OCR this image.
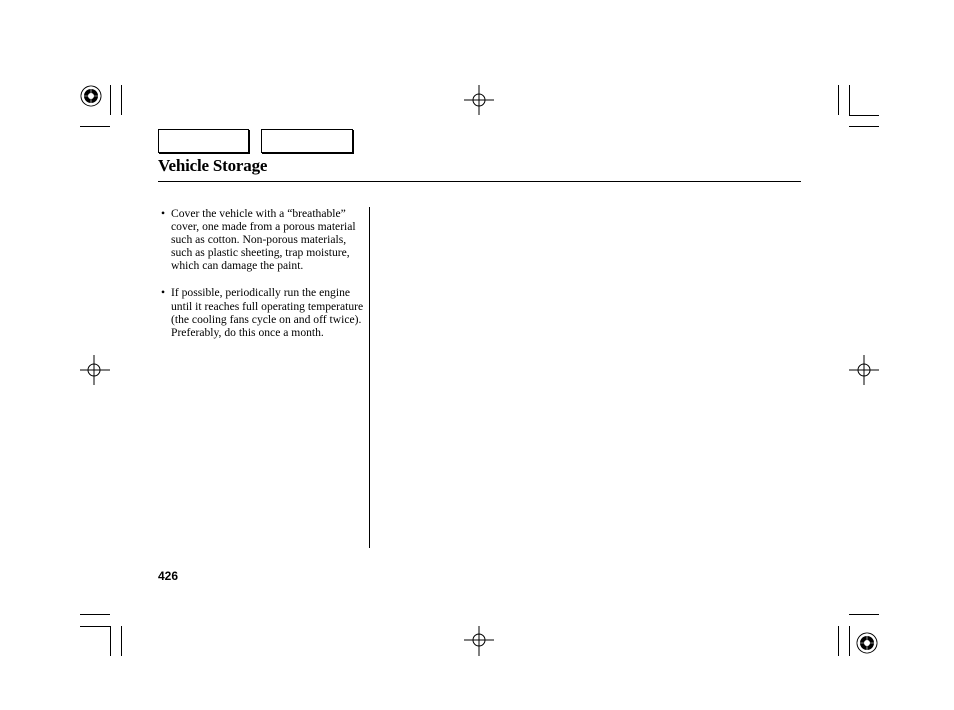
Vehicle Storage
• Cover the vehicle with a “breathable” cover, one made from a porous material such as cotton. Non-porous materials, such as plastic sheeting, trap moisture, which can damage the paint.
• If possible, periodically run the engine until it reaches full operating temperature (the cooling fans cycle on and off twice). Preferably, do this once a month.
426
